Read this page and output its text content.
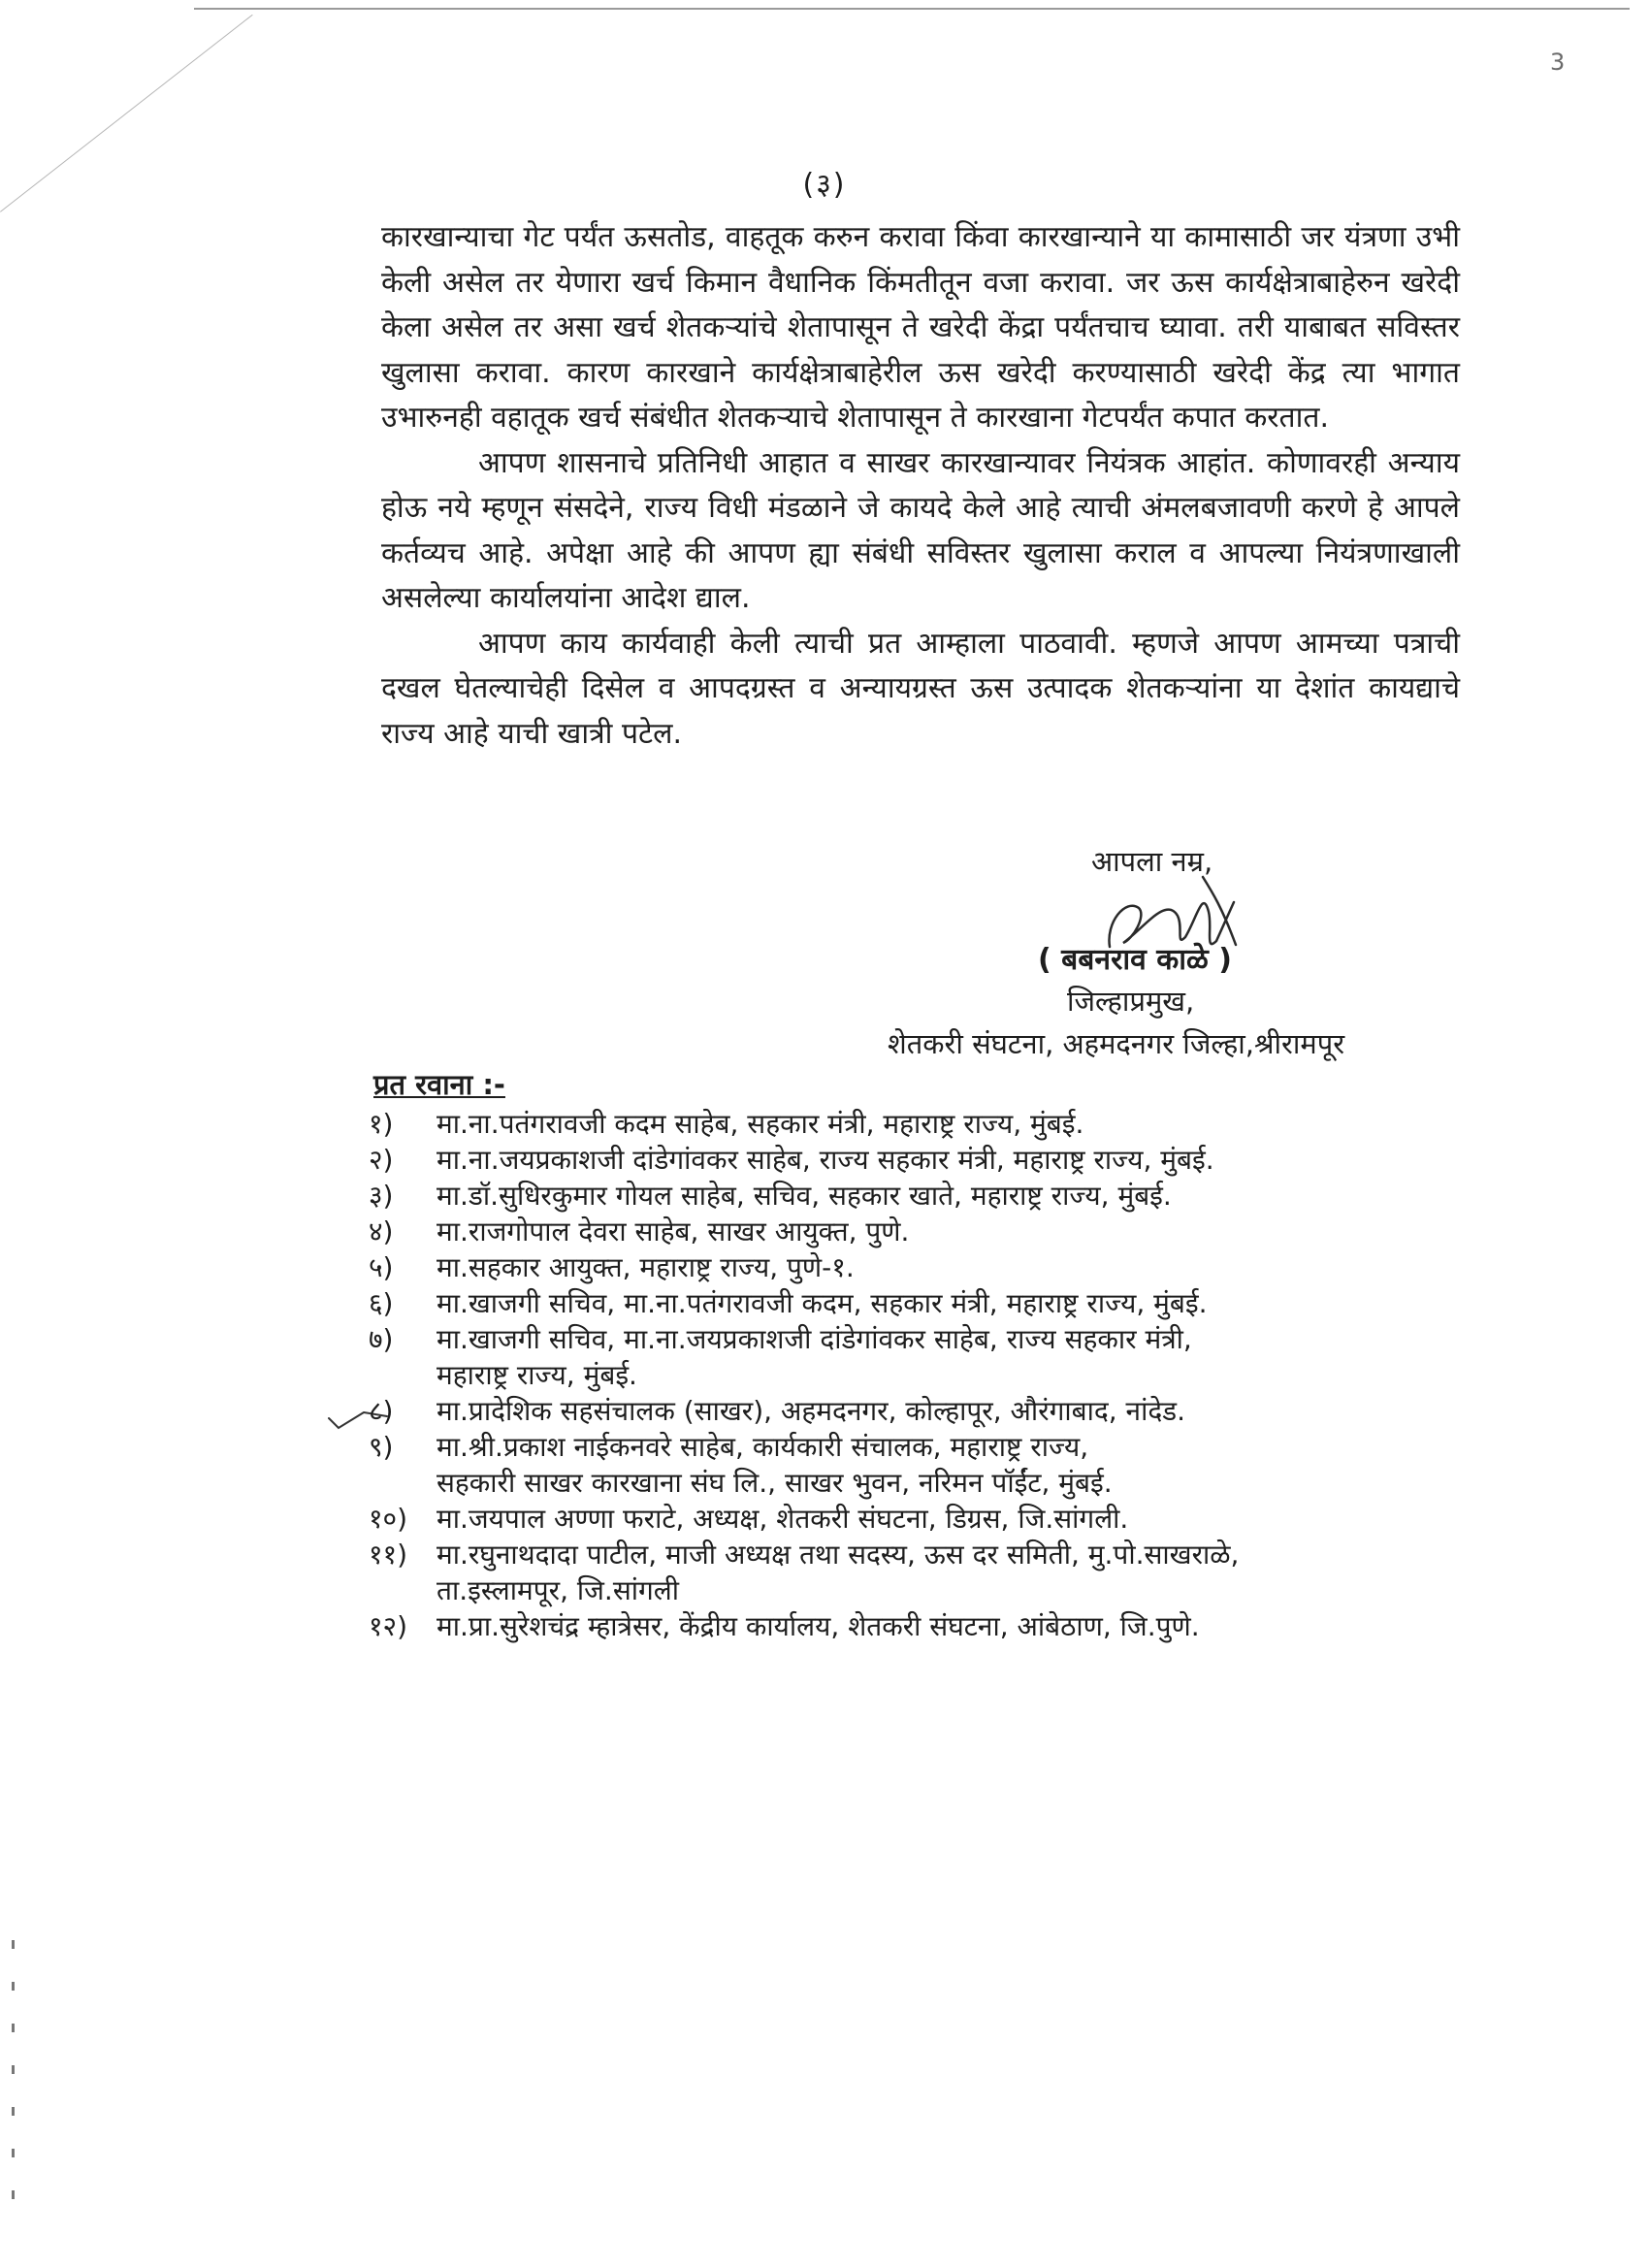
3
(३)

कारखान्याचा गेट पर्यंत ऊसतोड, वाहतूक करुन करावा किंवा कारखान्याने या कामासाठी जर यंत्रणा उभी केली असेल तर येणारा खर्च किमान वैधानिक किंमतीतून वजा करावा. जर ऊस कार्यक्षेत्राबाहेरुन खरेदी केला असेल तर असा खर्च शेतकऱ्यांचे शेतापासून ते खरेदी केंद्रा पर्यंतचाच घ्यावा. तरी याबाबत सविस्तर खुलासा करावा. कारण कारखाने कार्यक्षेत्राबाहेरील ऊस खरेदी करण्यासाठी खरेदी केंद्र त्या भागात उभारुनही वहातूक खर्च संबंधीत शेतकऱ्याचे शेतापासून ते कारखाना गेटपर्यंत कपात करतात.

आपण शासनाचे प्रतिनिधी आहात व साखर कारखान्यावर नियंत्रक आहांत. कोणावरही अन्याय होऊ नये म्हणून संसदेने, राज्य विधी मंडळाने जे कायदे केले आहे त्याची अंमलबजावणी करणे हे आपले कर्तव्यच आहे. अपेक्षा आहे की आपण ह्या संबंधी सविस्तर खुलासा कराल व आपल्या नियंत्रणाखाली असलेल्या कार्यालयांना आदेश द्याल.

आपण काय कार्यवाही केली त्याची प्रत आम्हाला पाठवावी. म्हणजे आपण आमच्या पत्राची दखल घेतल्याचेही दिसेल व आपदग्रस्त व अन्यायग्रस्त ऊस उत्पादक शेतकऱ्यांना या देशांत कायद्याचे राज्य आहे याची खात्री पटेल.

आपला नम्र,
( बबनराव काळे )
जिल्हाप्रमुख,
शेतकरी संघटना, अहमदनगर जिल्हा,श्रीरामपूर
प्रत रवाना :-
१) मा.ना.पतंगरावजी कदम साहेब, सहकार मंत्री, महाराष्ट्र राज्य, मुंबई.
२) मा.ना.जयप्रकाशजी दांडेगांवकर साहेब, राज्य सहकार मंत्री, महाराष्ट्र राज्य, मुंबई.
३) मा.डॉ.सुधिरकुमार गोयल साहेब, सचिव, सहकार खाते, महाराष्ट्र राज्य, मुंबई.
४) मा.राजगोपाल देवरा साहेब, साखर आयुक्त, पुणे.
५) मा.सहकार आयुक्त, महाराष्ट्र राज्य, पुणे-१.
६) मा.खाजगी सचिव, मा.ना.पतंगरावजी कदम, सहकार मंत्री, महाराष्ट्र राज्य, मुंबई.
७) मा.खाजगी सचिव, मा.ना.जयप्रकाशजी दांडेगांवकर साहेब, राज्य सहकार मंत्री,
महाराष्ट्र राज्य, मुंबई.
८) मा.प्रादेशिक सहसंचालक (साखर), अहमदनगर, कोल्हापूर, औरंगाबाद, नांदेड.
९) मा.श्री.प्रकाश नाईकनवरे साहेब, कार्यकारी संचालक, महाराष्ट्र राज्य,
सहकारी साखर कारखाना संघ लि., साखर भुवन, नरिमन पॉईंट, मुंबई.
१०) मा.जयपाल अण्णा फराटे, अध्यक्ष, शेतकरी संघटना, डिग्रस, जि.सांगली.
११) मा.रघुनाथदादा पाटील, माजी अध्यक्ष तथा सदस्य, ऊस दर समिती, मु.पो.साखराळे,
ता.इस्लामपूर, जि.सांगली
१२) मा.प्रा.सुरेशचंद्र म्हात्रेसर, केंद्रीय कार्यालय, शेतकरी संघटना, आंबेठाण, जि.पुणे.
